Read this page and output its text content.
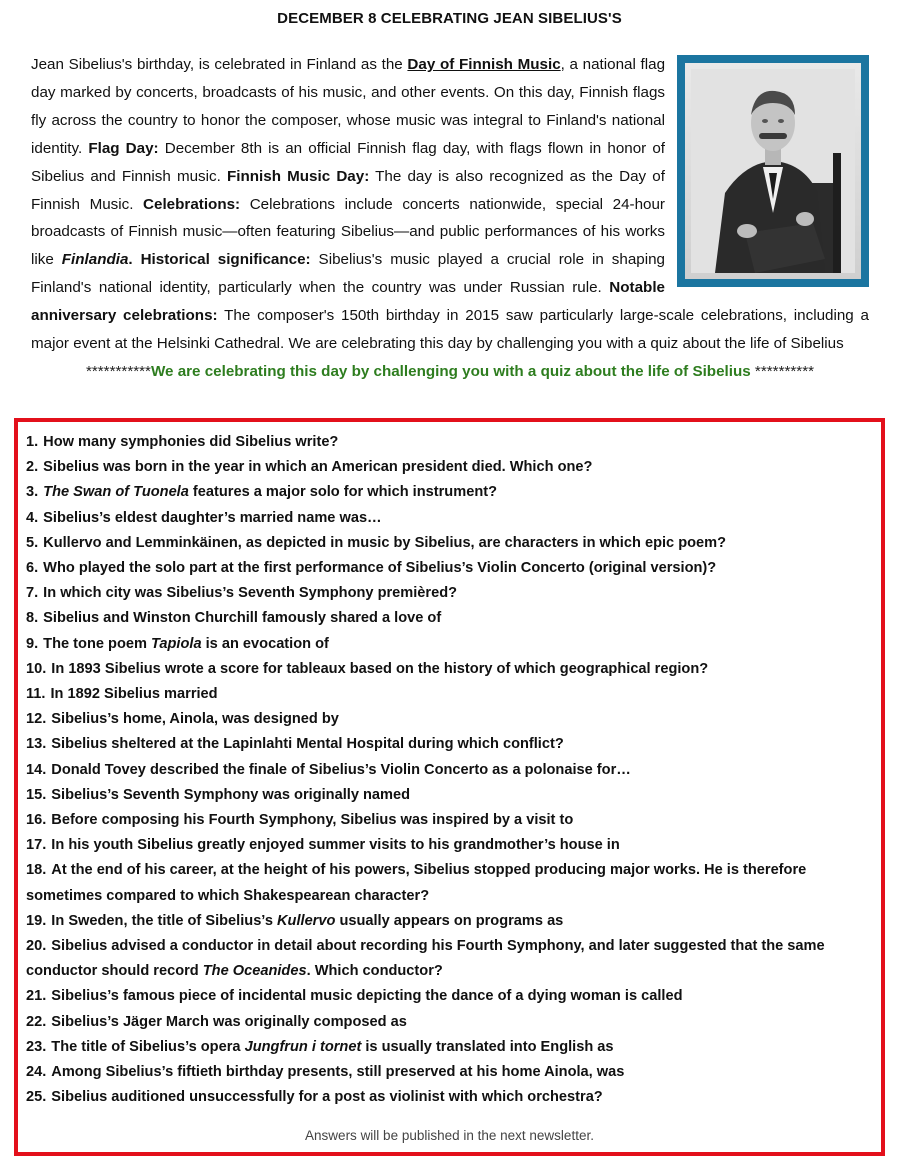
DECEMBER 8 CELEBRATING JEAN SIBELIUS'S
Jean Sibelius's birthday, is celebrated in Finland as the Day of Finnish Music, a national flag day marked by concerts, broadcasts of his music, and other events. On this day, Finnish flags fly across the country to honor the composer, whose music was integral to Finland's national identity. Flag Day: December 8th is an official Finnish flag day, with flags flown in honor of Sibelius and Finnish music. Finnish Music Day: The day is also recognized as the Day of Finnish Music. Celebrations: Celebrations include concerts nationwide, special 24-hour broadcasts of Finnish music—often featuring Sibelius—and public performances of his works like Finlandia. Historical significance: Sibelius's music played a crucial role in shaping Finland's national identity, particularly when the country was under Russian rule. Notable anniversary celebrations: The composer's 150th birthday in 2015 saw particularly large-scale celebrations, including a major event at the Helsinki Cathedral. We are celebrating this day by challenging you with a quiz about the life of Sibelius
***********We are celebrating this day by challenging you with a quiz about the life of Sibelius **********
1. How many symphonies did Sibelius write?
2. Sibelius was born in the year in which an American president died. Which one?
3. The Swan of Tuonela features a major solo for which instrument?
4. Sibelius’s eldest daughter’s married name was…
5. Kullervo and Lemminkäinen, as depicted in music by Sibelius, are characters in which epic poem?
6. Who played the solo part at the first performance of Sibelius’s Violin Concerto (original version)?
7. In which city was Sibelius’s Seventh Symphony premièred?
8. Sibelius and Winston Churchill famously shared a love of
9. The tone poem Tapiola is an evocation of
10. In 1893 Sibelius wrote a score for tableaux based on the history of which geographical region?
11. In 1892 Sibelius married
12. Sibelius’s home, Ainola, was designed by
13. Sibelius sheltered at the Lapinlahti Mental Hospital during which conflict?
14. Donald Tovey described the finale of Sibelius’s Violin Concerto as a polonaise for…
15. Sibelius’s Seventh Symphony was originally named
16. Before composing his Fourth Symphony, Sibelius was inspired by a visit to
17. In his youth Sibelius greatly enjoyed summer visits to his grandmother’s house in
18. At the end of his career, at the height of his powers, Sibelius stopped producing major works. He is therefore sometimes compared to which Shakespearean character?
19. In Sweden, the title of Sibelius’s Kullervo usually appears on programs as
20. Sibelius advised a conductor in detail about recording his Fourth Symphony, and later suggested that the same conductor should record The Oceanides. Which conductor?
21. Sibelius’s famous piece of incidental music depicting the dance of a dying woman is called
22. Sibelius’s Jäger March was originally composed as
23. The title of Sibelius’s opera Jungfrun i tornet is usually translated into English as
24. Among Sibelius’s fiftieth birthday presents, still preserved at his home Ainola, was
25. Sibelius auditioned unsuccessfully for a post as violinist with which orchestra?
Answers will be published in the next newsletter.
